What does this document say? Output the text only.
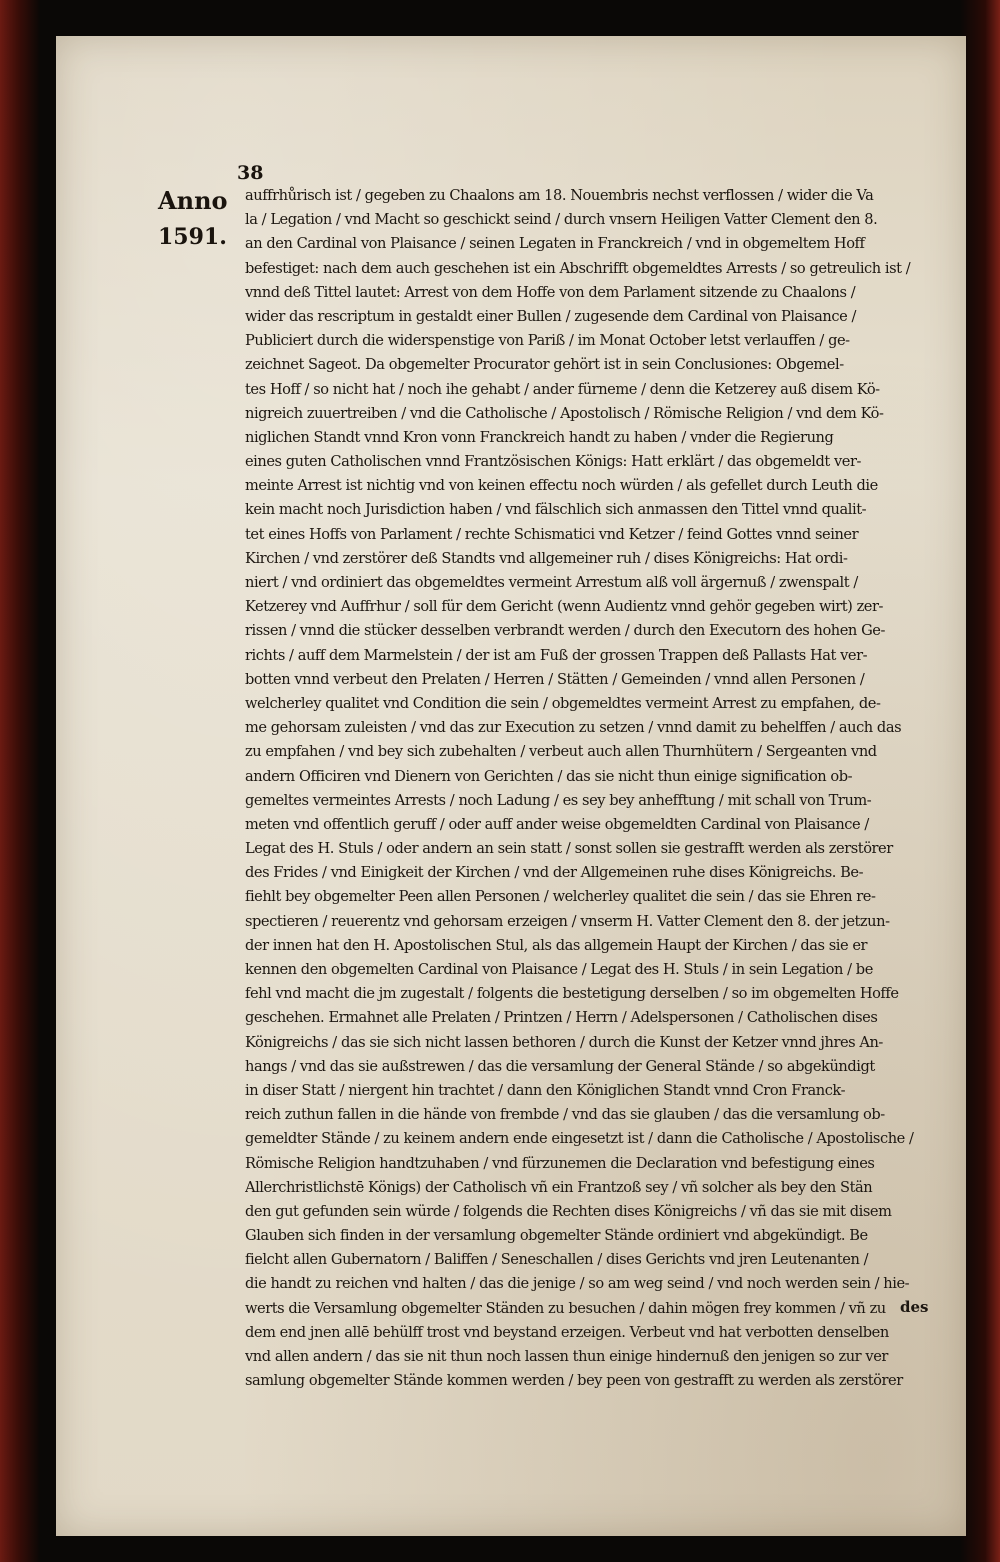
38
Anno
1591.
auffrhůrisch ist / gegeben zu Chaalons am 18. Nouembris nechst verflossen / wider die Va
la / Legation / vnd Macht so geschickt seind / durch vnsern Heiligen Vatter Clement den 8.
an den Cardinal von Plaisance / seinen Legaten in Franckreich / vnd in obgemeltem Hoff
befestiget: nach dem auch geschehen ist ein Abschrifft obgemeldtes Arrests / so getreulich ist /
vnnd deß Tittel lautet: Arrest von dem Hoffe von dem Parlament sitzende zu Chaalons /
wider das rescriptum in gestaldt einer Bullen / zugesende dem Cardinal von Plaisance /
Publiciert durch die widerspenstige von Pariß / im Monat October letst verlauffen / ge-
zeichnet Sageot. Da obgemelter Procurator gehört ist in sein Conclusiones: Obgemel-
tes Hoff / so nicht hat / noch ihe gehabt / ander fürneme / denn die Ketzerey auß disem Kö-
nigreich zuuertreiben / vnd die Catholische / Apostolisch / Römische Religion / vnd dem Kö-
niglichen Standt vnnd Kron vonn Franckreich handt zu haben / vnder die Regierung
eines guten Catholischen vnnd Frantzösischen Königs: Hatt erklärt / das obgemeldt ver-
meinte Arrest ist nichtig vnd von keinen effectu noch würden / als gefellet durch Leuth die
kein macht noch Jurisdiction haben / vnd fälschlich sich anmassen den Tittel vnnd qualit-
tet eines Hoffs von Parlament / rechte Schismatici vnd Ketzer / feind Gottes vnnd seiner
Kirchen / vnd zerstörer deß Standts vnd allgemeiner ruh / dises Königreichs: Hat ordi-
niert / vnd ordiniert das obgemeldtes vermeint Arrestum alß voll ärgernuß / zwenspalt /
Ketzerey vnd Auffrhur / soll für dem Gericht (wenn Audientz vnnd gehör gegeben wirt) zer-
rissen / vnnd die stücker desselben verbrandt werden / durch den Executorn des hohen Ge-
richts / auff dem Marmelstein / der ist am Fuß der grossen Trappen deß Pallasts Hat ver-
botten vnnd verbeut den Prelaten / Herren / Stätten / Gemeinden / vnnd allen Personen /
welcherley qualitet vnd Condition die sein / obgemeldtes vermeint Arrest zu empfahen, de-
me gehorsam zuleisten / vnd das zur Execution zu setzen / vnnd damit zu behelffen / auch das
zu empfahen / vnd bey sich zubehalten / verbeut auch allen Thurnhütern / Sergeanten vnd
andern Officiren vnd Dienern von Gerichten / das sie nicht thun einige signification ob-
gemeltes vermeintes Arrests / noch Ladung / es sey bey anhefftung / mit schall von Trum-
meten vnd offentlich geruff / oder auff ander weise obgemeldten Cardinal von Plaisance /
Legat des H. Stuls / oder andern an sein statt / sonst sollen sie gestrafft werden als zerstörer
des Frides / vnd Einigkeit der Kirchen / vnd der Allgemeinen ruhe dises Königreichs. Be-
fiehlt bey obgemelter Peen allen Personen / welcherley qualitet die sein / das sie Ehren re-
spectieren / reuerentz vnd gehorsam erzeigen / vnserm H. Vatter Clement den 8. der jetzun-
der innen hat den H. Apostolischen Stul, als das allgemein Haupt der Kirchen / das sie er
kennen den obgemelten Cardinal von Plaisance / Legat des H. Stuls / in sein Legation / be
fehl vnd macht die jm zugestalt / folgents die bestetigung derselben / so im obgemelten Hoffe
geschehen. Ermahnet alle Prelaten / Printzen / Herrn / Adelspersonen / Catholischen dises
Königreichs / das sie sich nicht lassen bethoren / durch die Kunst der Ketzer vnnd jhres An-
hangs / vnd das sie außstrewen / das die versamlung der General Stände / so abgekündigt
in diser Statt / niergent hin trachtet / dann den Königlichen Standt vnnd Cron Franck-
reich zuthun fallen in die hände von frembde / vnd das sie glauben / das die versamlung ob-
gemeldter Stände / zu keinem andern ende eingesetzt ist / dann die Catholische / Apostolische /
Römische Religion handtzuhaben / vnd fürzunemen die Declaration vnd befestigung eines
Allerchristlichstē Königs) der Catholisch vñ ein Frantzoß sey / vñ solcher als bey den Stän
den gut gefunden sein würde / folgends die Rechten dises Königreichs / vñ das sie mit disem
Glauben sich finden in der versamlung obgemelter Stände ordiniert vnd abgekündigt. Be
fielcht allen Gubernatorn / Baliffen / Seneschallen / dises Gerichts vnd jren Leutenanten /
die handt zu reichen vnd halten / das die jenige / so am weg seind / vnd noch werden sein / hie-
werts die Versamlung obgemelter Ständen zu besuchen / dahin mögen frey kommen / vñ zu
dem end jnen allē behülff trost vnd beystand erzeigen. Verbeut vnd hat verbotten denselben
vnd allen andern / das sie nit thun noch lassen thun einige hindernuß den jenigen so zur ver
samlung obgemelter Stände kommen werden / bey peen von gestrafft zu werden als zerstörer
des
